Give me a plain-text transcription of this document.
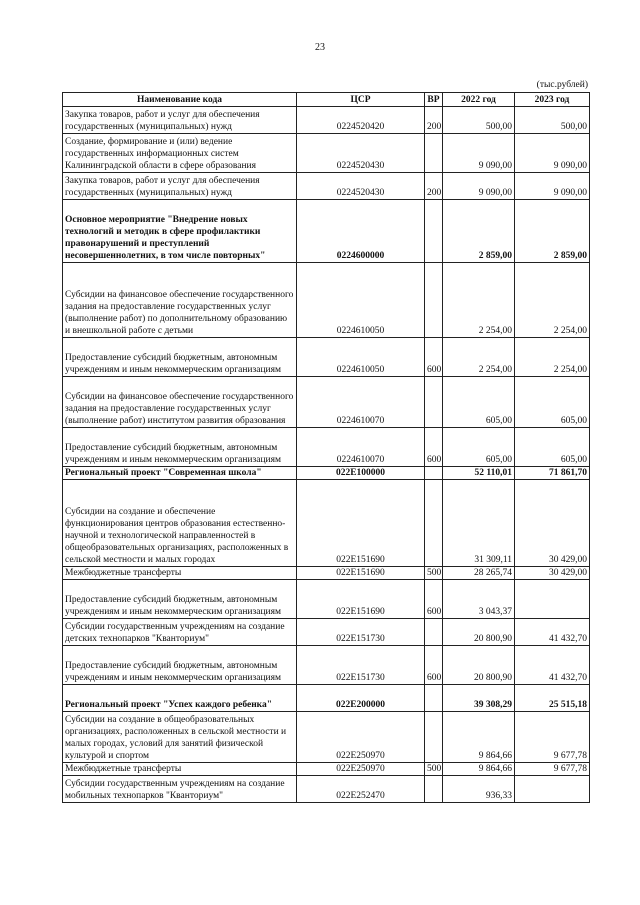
23
(тыс.рублей)
Наименование кода	ЦСР	ВР	2022 год	2023 год
Закупка товаров, работ и услуг для обеспечения государственных (муниципальных) нужд	0224520420	200	500,00	500,00
Создание, формирование и (или) ведение государственных информационных систем Калининградской области в сфере образования	0224520430		9 090,00	9 090,00
Закупка товаров, работ и услуг для обеспечения государственных (муниципальных) нужд	0224520430	200	9 090,00	9 090,00
Основное мероприятие "Внедрение новых технологий и методик в сфере профилактики правонарушений и преступлений несовершеннолетних, в том числе повторных"	0224600000		2 859,00	2 859,00
Субсидии на финансовое обеспечение государственного задания на предоставление государственных услуг (выполнение работ) по дополнительному образованию и внешкольной работе с детьми	0224610050		2 254,00	2 254,00
Предоставление субсидий бюджетным, автономным учреждениям и иным некоммерческим организациям	0224610050	600	2 254,00	2 254,00
Субсидии на финансовое обеспечение государственного задания на предоставление государственных услуг (выполнение работ) институтом развития образования	0224610070		605,00	605,00
Предоставление субсидий бюджетным, автономным учреждениям и иным некоммерческим организациям	0224610070	600	605,00	605,00
Региональный проект "Современная школа"	022E100000		52 110,01	71 861,70
Субсидии на создание и обеспечение функционирования центров образования естественно-научной и технологической направленностей в общеобразовательных организациях, расположенных в сельской местности и малых городах	022E151690		31 309,11	30 429,00
Межбюджетные трансферты	022E151690	500	28 265,74	30 429,00
Предоставление субсидий бюджетным, автономным учреждениям и иным некоммерческим организациям	022E151690	600	3 043,37	
Субсидии государственным учреждениям на создание детских технопарков "Кванториум"	022E151730		20 800,90	41 432,70
Предоставление субсидий бюджетным, автономным учреждениям и иным некоммерческим организациям	022E151730	600	20 800,90	41 432,70
Региональный проект "Успех каждого ребенка"	022E200000		39 308,29	25 515,18
Субсидии на создание в общеобразовательных организациях, расположенных в сельской местности и малых городах, условий для занятий физической культурой и спортом	022E250970		9 864,66	9 677,78
Межбюджетные трансферты	022E250970	500	9 864,66	9 677,78
Субсидии государственным учреждениям на создание мобильных технопарков "Кванториум"	022E252470		936,33	
